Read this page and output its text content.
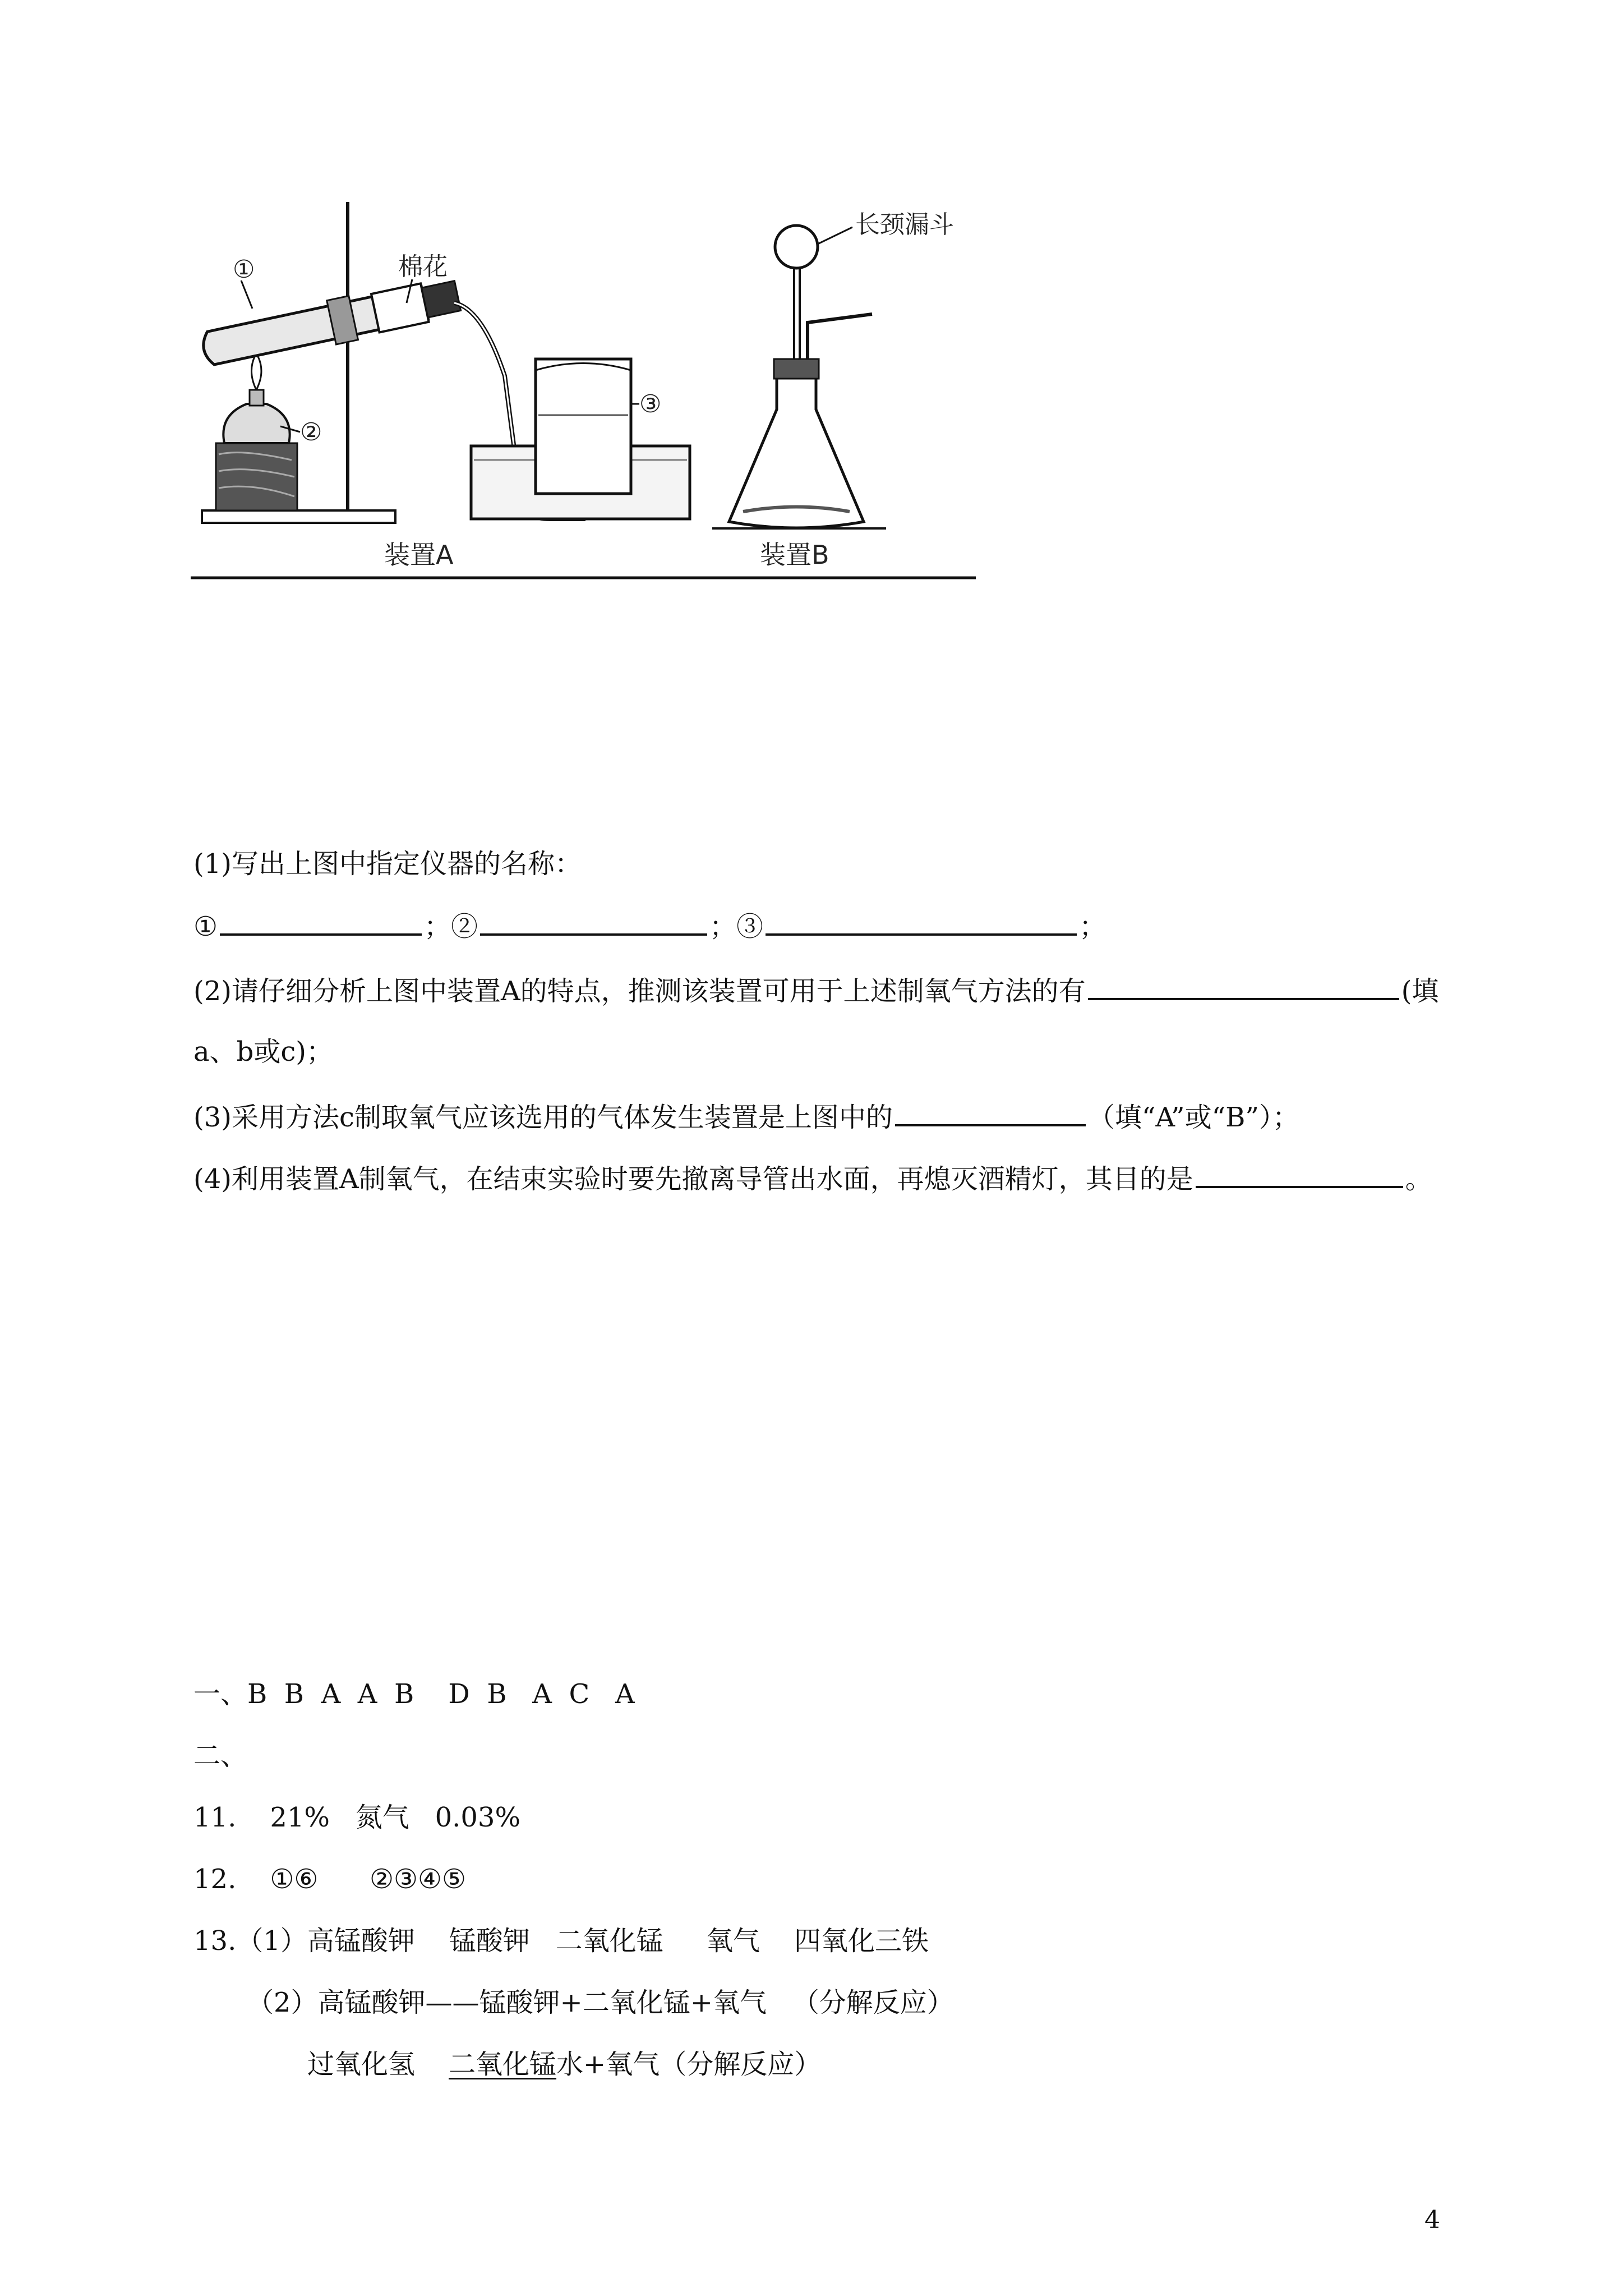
①	棉花
②
③
装置A
长颈漏斗
装置B
(1)写出上图中指定仪器的名称：
①	；②	；③	；
(2)请仔细分析上图中装置A的特点，推测该装置可用于上述制氧气方法的有	(填
a、b或c)；
(3)采用方法c制取氧气应该选用的气体发生装置是上图中的	（填“A”或“B”）；
(4)利用装置A制氧气，在结束实验时要先撤离导管出水面，再熄灭酒精灯，其目的是	。
一、B  B  A  A  B    D  B   A  C   A
二、
11. 21%   氮气   0.03%
12. ①⑥      ②③④⑤
13.（1）高锰酸钾    锰酸钾   二氧化锰     氧气    四氧化三铁
（2）高锰酸钾——锰酸钾+二氧化锰+氧气   （分解反应）
过氧化氢 二氧化锰水+氧气（分解反应）
4
